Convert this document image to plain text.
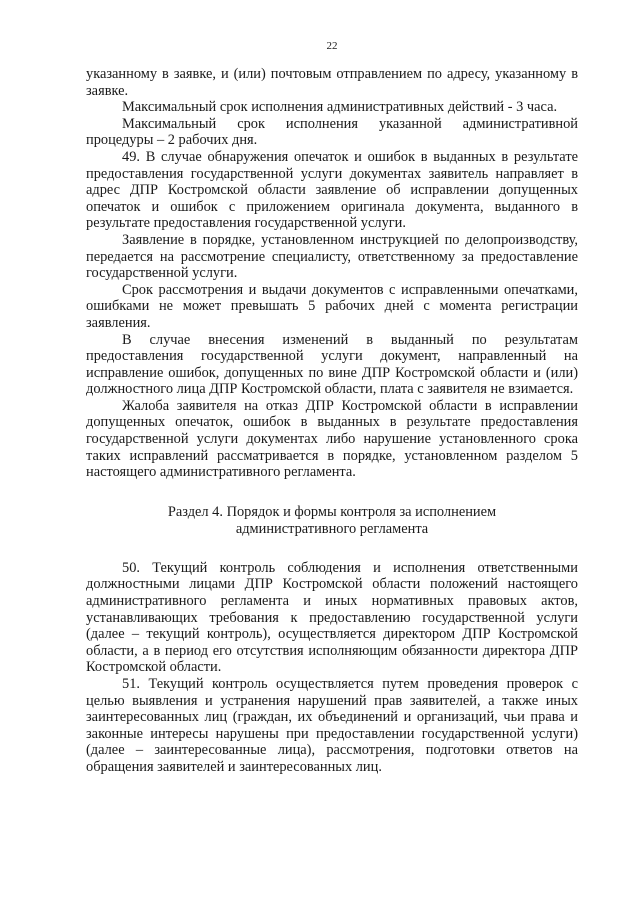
22

указанному в заявке, и (или) почтовым отправлением по адресу, указанному в заявке.

Максимальный срок исполнения административных действий - 3 часа.

Максимальный срок исполнения указанной административной процедуры – 2 рабочих дня.

49. В случае обнаружения опечаток и ошибок в выданных в результате предоставления государственной услуги документах заявитель направляет в адрес ДПР Костромской области заявление об исправлении допущенных опечаток и ошибок с приложением оригинала документа, выданного в результате предоставления государственной услуги.

Заявление в порядке, установленном инструкцией по делопроизводству, передается на рассмотрение специалисту, ответственному за предоставление государственной услуги.

Срок рассмотрения и выдачи документов с исправленными опечатками, ошибками не может превышать 5 рабочих дней с момента регистрации заявления.

В случае внесения изменений в выданный по результатам предоставления государственной услуги документ, направленный на исправление ошибок, допущенных по вине ДПР Костромской области и (или) должностного лица ДПР Костромской области, плата с заявителя не взимается.

Жалоба заявителя на отказ ДПР Костромской области в исправлении допущенных опечаток, ошибок в выданных в результате предоставления государственной услуги документах либо нарушение установленного срока таких исправлений рассматривается в порядке, установленном разделом 5 настоящего административного регламента.

Раздел 4. Порядок и формы контроля за исполнением
административного регламента

50. Текущий контроль соблюдения и исполнения ответственными должностными лицами ДПР Костромской области положений настоящего административного регламента и иных нормативных правовых актов, устанавливающих требования к предоставлению государственной услуги (далее – текущий контроль), осуществляется директором ДПР Костромской области, а в период его отсутствия исполняющим обязанности директора ДПР Костромской области.

51. Текущий контроль осуществляется путем проведения проверок с целью выявления и устранения нарушений прав заявителей, а также иных заинтересованных лиц (граждан, их объединений и организаций, чьи права и законные интересы нарушены при предоставлении государственной услуги) (далее – заинтересованные лица), рассмотрения, подготовки ответов на обращения заявителей и заинтересованных лиц.
